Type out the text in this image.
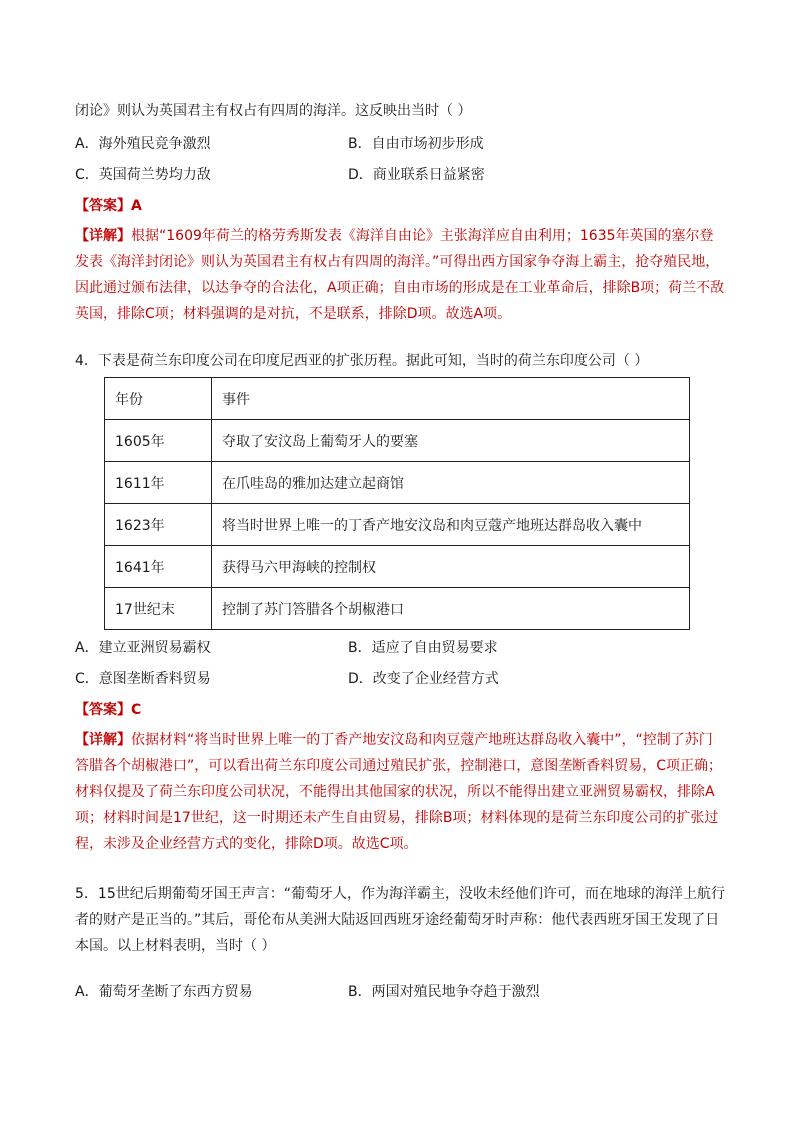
闭论》则认为英国君主有权占有四周的海洋。这反映出当时（ ）
A．海外殖民竞争激烈	B．自由市场初步形成
C．英国荷兰势均力敌	D．商业联系日益紧密
【答案】A
【详解】根据“1609年荷兰的格劳秀斯发表《海洋自由论》主张海洋应自由利用；1635年英国的塞尔登发表《海洋封闭论》则认为英国君主有权占有四周的海洋。”可得出西方国家争夺海上霸主，抢夺殖民地，因此通过颁布法律，以达争夺的合法化，A项正确；自由市场的形成是在工业革命后，排除B项；荷兰不敌英国，排除C项；材料强调的是对抗，不是联系，排除D项。故选A项。
4．下表是荷兰东印度公司在印度尼西亚的扩张历程。据此可知，当时的荷兰东印度公司（ ）
年份	事件
1605年	夺取了安汶岛上葡萄牙人的要塞
1611年	在爪哇岛的雅加达建立起商馆
1623年	将当时世界上唯一的丁香产地安汶岛和肉豆蔻产地班达群岛收入囊中
1641年	获得马六甲海峡的控制权
17世纪末	控制了苏门答腊各个胡椒港口
A．建立亚洲贸易霸权	B．适应了自由贸易要求
C．意图垄断香料贸易	D．改变了企业经营方式
【答案】C
【详解】依据材料“将当时世界上唯一的丁香产地安汶岛和肉豆蔻产地班达群岛收入囊中”，“控制了苏门答腊各个胡椒港口”，可以看出荷兰东印度公司通过殖民扩张，控制港口，意图垄断香料贸易，C项正确；材料仅提及了荷兰东印度公司状况，不能得出其他国家的状况，所以不能得出建立亚洲贸易霸权，排除A项；材料时间是17世纪，这一时期还未产生自由贸易，排除B项；材料体现的是荷兰东印度公司的扩张过程，未涉及企业经营方式的变化，排除D项。故选C项。
5．15世纪后期葡萄牙国王声言：“葡萄牙人，作为海洋霸主，没收未经他们许可，而在地球的海洋上航行者的财产是正当的。”其后，哥伦布从美洲大陆返回西班牙途经葡萄牙时声称：他代表西班牙国王发现了日本国。以上材料表明，当时（ ）
A．葡萄牙垄断了东西方贸易	B．两国对殖民地争夺趋于激烈
